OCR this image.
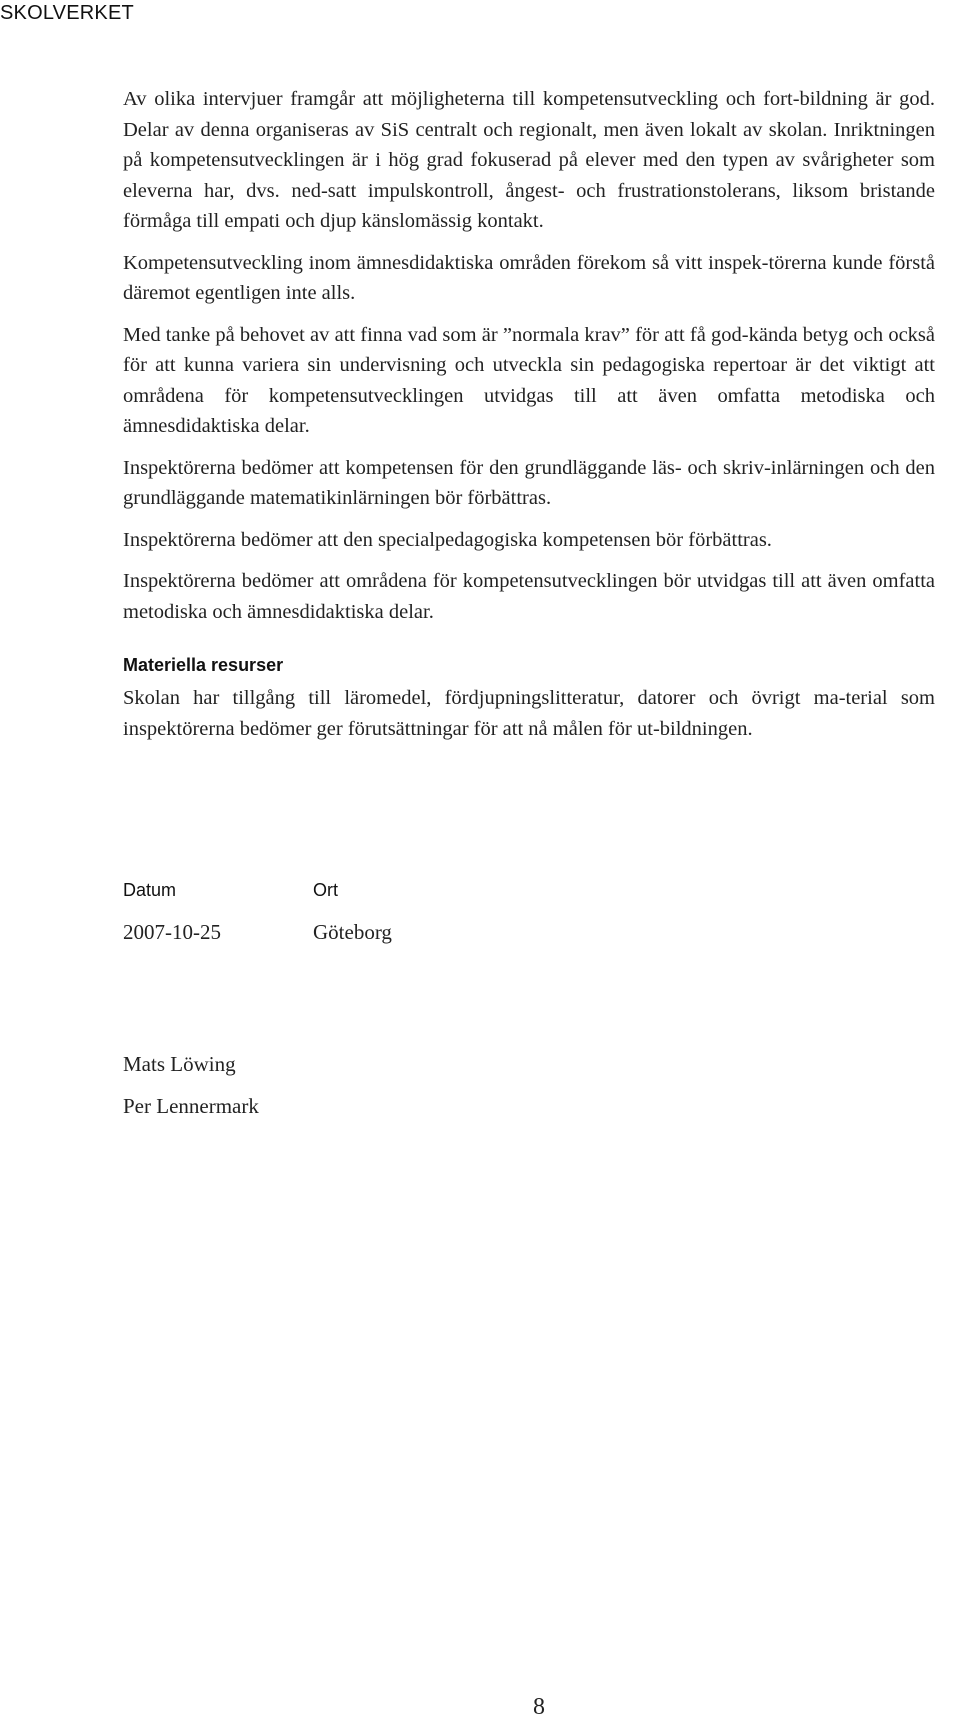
SKOLVERKET

Av olika intervjuer framgår att möjligheterna till kompetensutveckling och fort-bildning är god. Delar av denna organiseras av SiS centralt och regionalt, men även lokalt av skolan. Inriktningen på kompetensutvecklingen är i hög grad fokuserad på elever med den typen av svårigheter som eleverna har, dvs. ned-satt impulskontroll, ångest- och frustrationstolerans, liksom bristande förmåga till empati och djup känslomässig kontakt.

Kompetensutveckling inom ämnesdidaktiska områden förekom så vitt inspek-törerna kunde förstå däremot egentligen inte alls.

Med tanke på behovet av att finna vad som är ”normala krav” för att få god-kända betyg och också för att kunna variera sin undervisning och utveckla sin pedagogiska repertoar är det viktigt att områdena för kompetensutvecklingen utvidgas till att även omfatta metodiska och ämnesdidaktiska delar.

Inspektörerna bedömer att kompetensen för den grundläggande läs- och skriv-inlärningen och den grundläggande matematikinlärningen bör förbättras.

Inspektörerna bedömer att den specialpedagogiska kompetensen bör förbättras.

Inspektörerna bedömer att områdena för kompetensutvecklingen bör utvidgas till att även omfatta metodiska och ämnesdidaktiska delar.

Materiella resurser

Skolan har tillgång till läromedel, fördjupningslitteratur, datorer och övrigt ma-terial som inspektörerna bedömer ger förutsättningar för att nå målen för ut-bildningen.

Datum	Ort
2007-10-25	Göteborg
Mats Löwing
Per Lennermark
8
